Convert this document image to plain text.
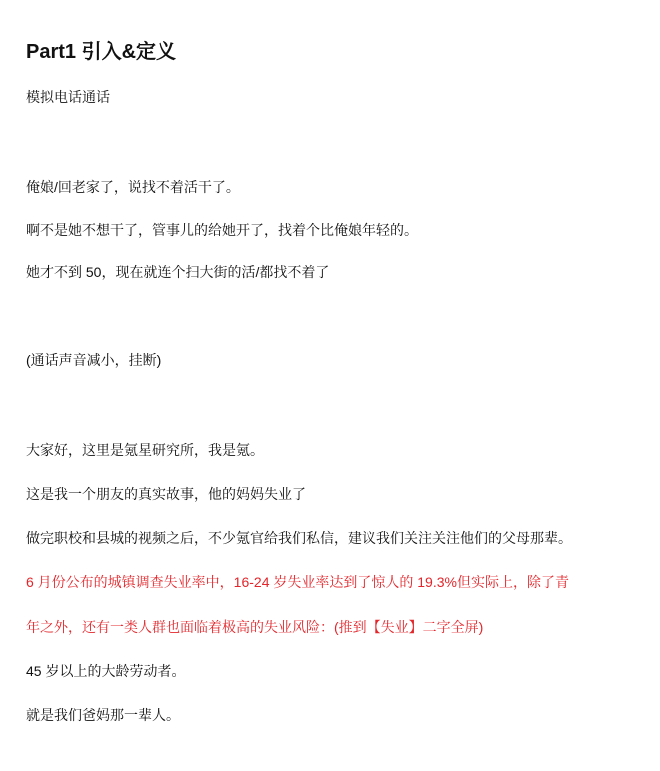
Part1 引入&定义
模拟电话通话
俺娘/回老家了，说找不着活干了。
啊不是她不想干了，管事儿的给她开了，找着个比俺娘年轻的。
她才不到 50，现在就连个扫大街的活/都找不着了
(通话声音减小，挂断)
大家好，这里是氪星研究所，我是氪。
这是我一个朋友的真实故事，他的妈妈失业了
做完职校和县城的视频之后，不少氪官给我们私信，建议我们关注关注他们的父母那辈。
6 月份公布的城镇调查失业率中，16-24 岁失业率达到了惊人的 19.3%但实际上，除了青
年之外，还有一类人群也面临着极高的失业风险：(推到【失业】二字全屏)
45 岁以上的大龄劳动者。
就是我们爸妈那一辈人。
